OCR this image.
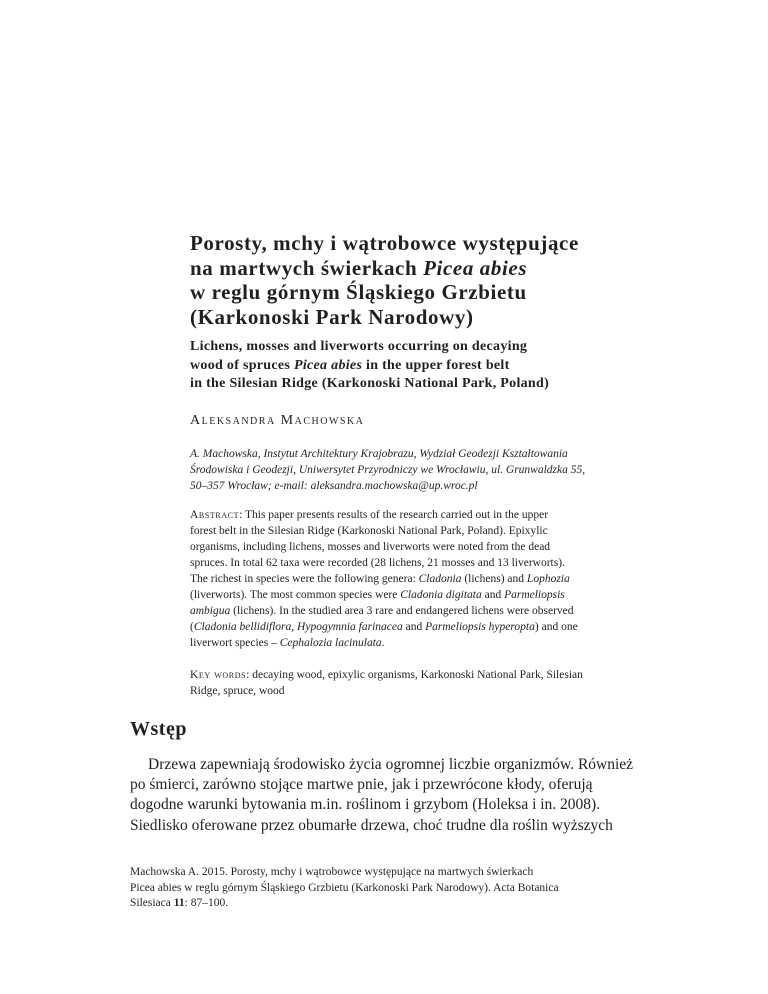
Porosty, mchy i wątrobowce występujące
na martwych świerkach Picea abies
w reglu górnym Śląskiego Grzbietu
(Karkonoski Park Narodowy)
Lichens, mosses and liverworts occurring on decaying
wood of spruces Picea abies in the upper forest belt
in the Silesian Ridge (Karkonoski National Park, Poland)
Aleksandra Machowska
A. Machowska, Instytut Architektury Krajobrazu, Wydział Geodezji Kształtowania
Środowiska i Geodezji, Uniwersytet Przyrodniczy we Wrocławiu, ul. Grunwaldzka 55,
50–357 Wrocław; e-mail: aleksandra.machowska@up.wroc.pl
Abstract: This paper presents results of the research carried out in the upper
forest belt in the Silesian Ridge (Karkonoski National Park, Poland). Epixylic
organisms, including lichens, mosses and liverworts were noted from the dead
spruces. In total 62 taxa were recorded (28 lichens, 21 mosses and 13 liverworts).
The richest in species were the following genera: Cladonia (lichens) and Lophozia
(liverworts). The most common species were Cladonia digitata and Parmeliopsis
ambigua (lichens). In the studied area 3 rare and endangered lichens were observed
(Cladonia bellidiflora, Hypogymnia farinacea and Parmeliopsis hyperopta) and one
liverwort species – Cephalozia lacinulata.
Key words: decaying wood, epixylic organisms, Karkonoski National Park, Silesian
Ridge, spruce, wood
Wstęp
Drzewa zapewniają środowisko życia ogromnej liczbie organizmów. Również
po śmierci, zarówno stojące martwe pnie, jak i przewrócone kłody, oferują
dogodne warunki bytowania m.in. roślinom i grzybom (Holeksa i in. 2008).
Siedlisko oferowane przez obumarłe drzewa, choć trudne dla roślin wyższych
Machowska A. 2015. Porosty, mchy i wątrobowce występujące na martwych świerkach
Picea abies w reglu górnym Śląskiego Grzbietu (Karkonoski Park Narodowy). Acta Botanica
Silesiaca 11: 87–100.
